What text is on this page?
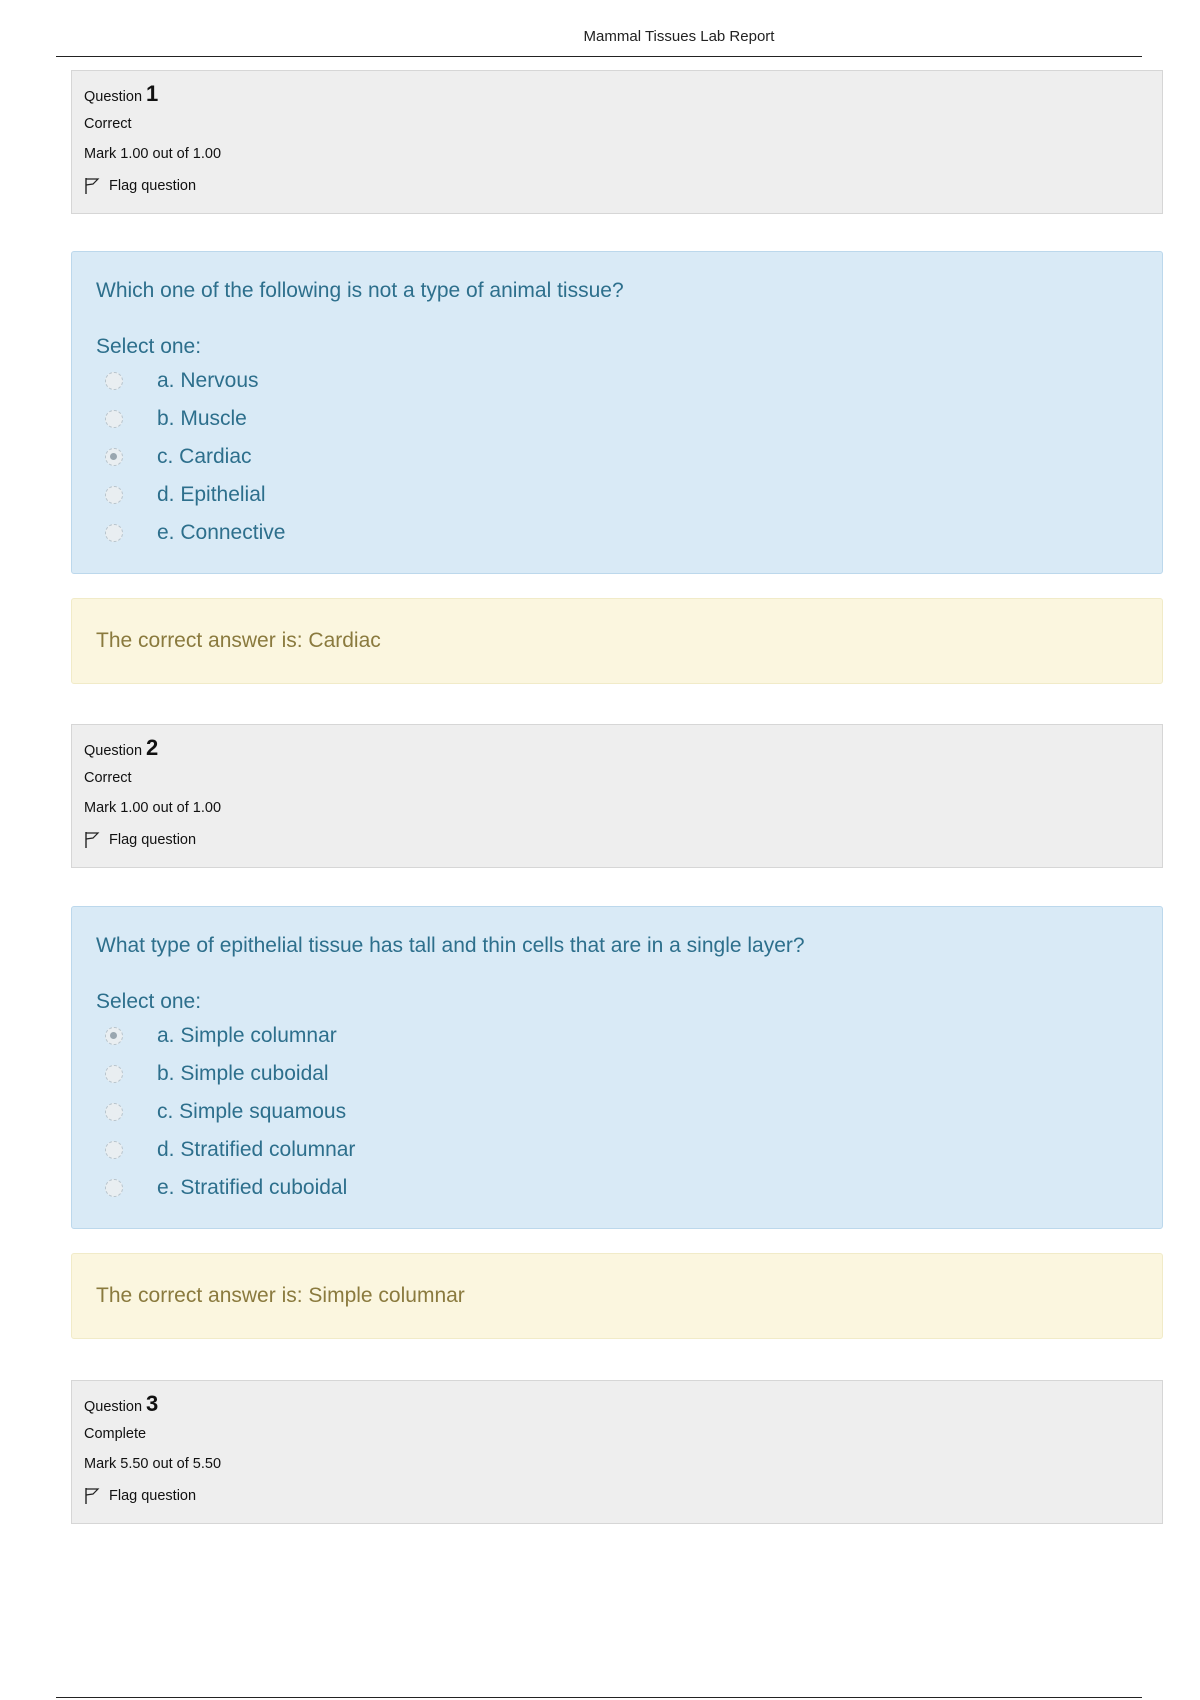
Mammal Tissues Lab Report
Question 1
Correct
Mark 1.00 out of 1.00
Flag question
Which one of the following is not a type of animal tissue?
Select one:
a. Nervous
b. Muscle
c. Cardiac
d. Epithelial
e. Connective
The correct answer is: Cardiac
Question 2
Correct
Mark 1.00 out of 1.00
Flag question
What type of epithelial tissue has tall and thin cells that are in a single layer?
Select one:
a. Simple columnar
b. Simple cuboidal
c. Simple squamous
d. Stratified columnar
e. Stratified cuboidal
The correct answer is: Simple columnar
Question 3
Complete
Mark 5.50 out of 5.50
Flag question
